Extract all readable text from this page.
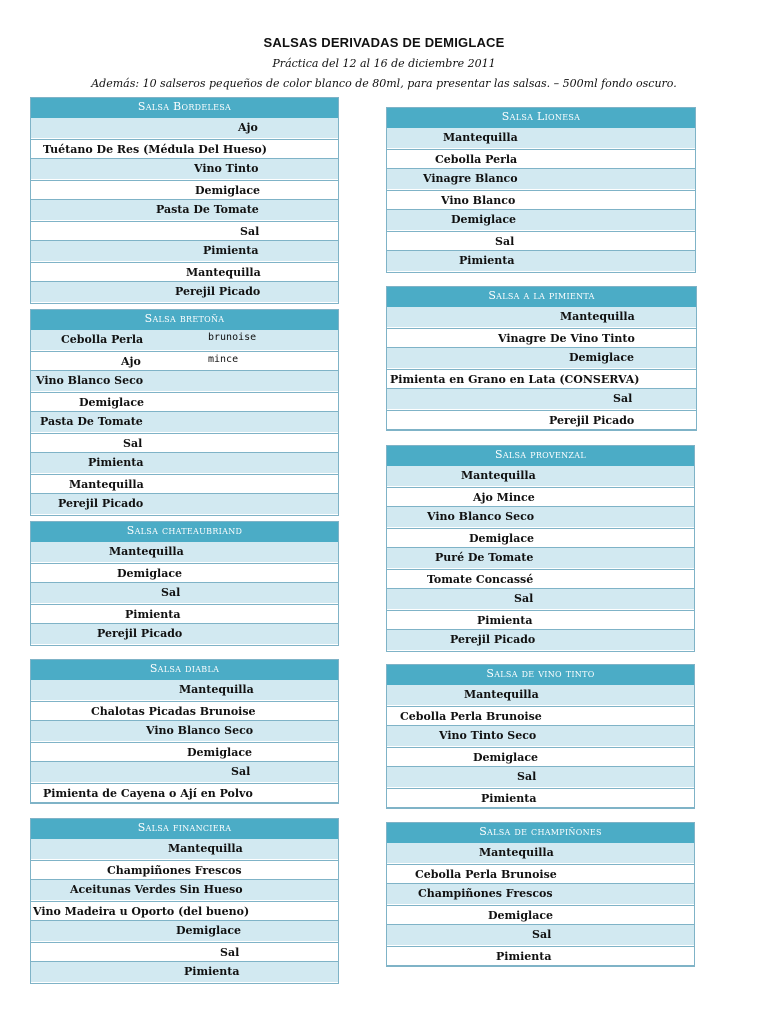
SALSAS DERIVADAS DE DEMIGLACE
Práctica del 12 al 16 de diciembre 2011
Además: 10 salseros pequeños de color blanco de 80ml, para presentar las salsas. – 500ml fondo oscuro.
Salsa Bordelesa
Ajo
Tuétano De Res (Médula Del Hueso)
Vino Tinto
Demiglace
Pasta De Tomate
Sal
Pimienta
Mantequilla
Perejil Picado
Salsa bretoña
Cebolla Perla	brunoise
Ajo	mince
Vino Blanco Seco
Demiglace
Pasta De Tomate
Sal
Pimienta
Mantequilla
Perejil Picado
Salsa chateaubriand
Mantequilla
Demiglace
Sal
Pimienta
Perejil Picado
Salsa diabla
Mantequilla
Chalotas Picadas Brunoise
Vino Blanco Seco
Demiglace
Sal
Pimienta de Cayena o Ají en Polvo
Salsa financiera
Mantequilla
Champiñones Frescos
Aceitunas Verdes Sin Hueso
Vino Madeira u Oporto (del bueno)
Demiglace
Sal
Pimienta
Salsa Lionesa
Mantequilla
Cebolla Perla
Vinagre Blanco
Vino Blanco
Demiglace
Sal
Pimienta
Salsa a la pimienta
Mantequilla
Vinagre De Vino Tinto
Demiglace
Pimienta en Grano en Lata (CONSERVA)
Sal
Perejil Picado
Salsa provenzal
Mantequilla
Ajo Mince
Vino Blanco Seco
Demiglace
Puré De Tomate
Tomate Concassé
Sal
Pimienta
Perejil Picado
Salsa de vino tinto
Mantequilla
Cebolla Perla Brunoise
Vino Tinto Seco
Demiglace
Sal
Pimienta
Salsa de champiñones
Mantequilla
Cebolla Perla Brunoise
Champiñones Frescos
Demiglace
Sal
Pimienta
